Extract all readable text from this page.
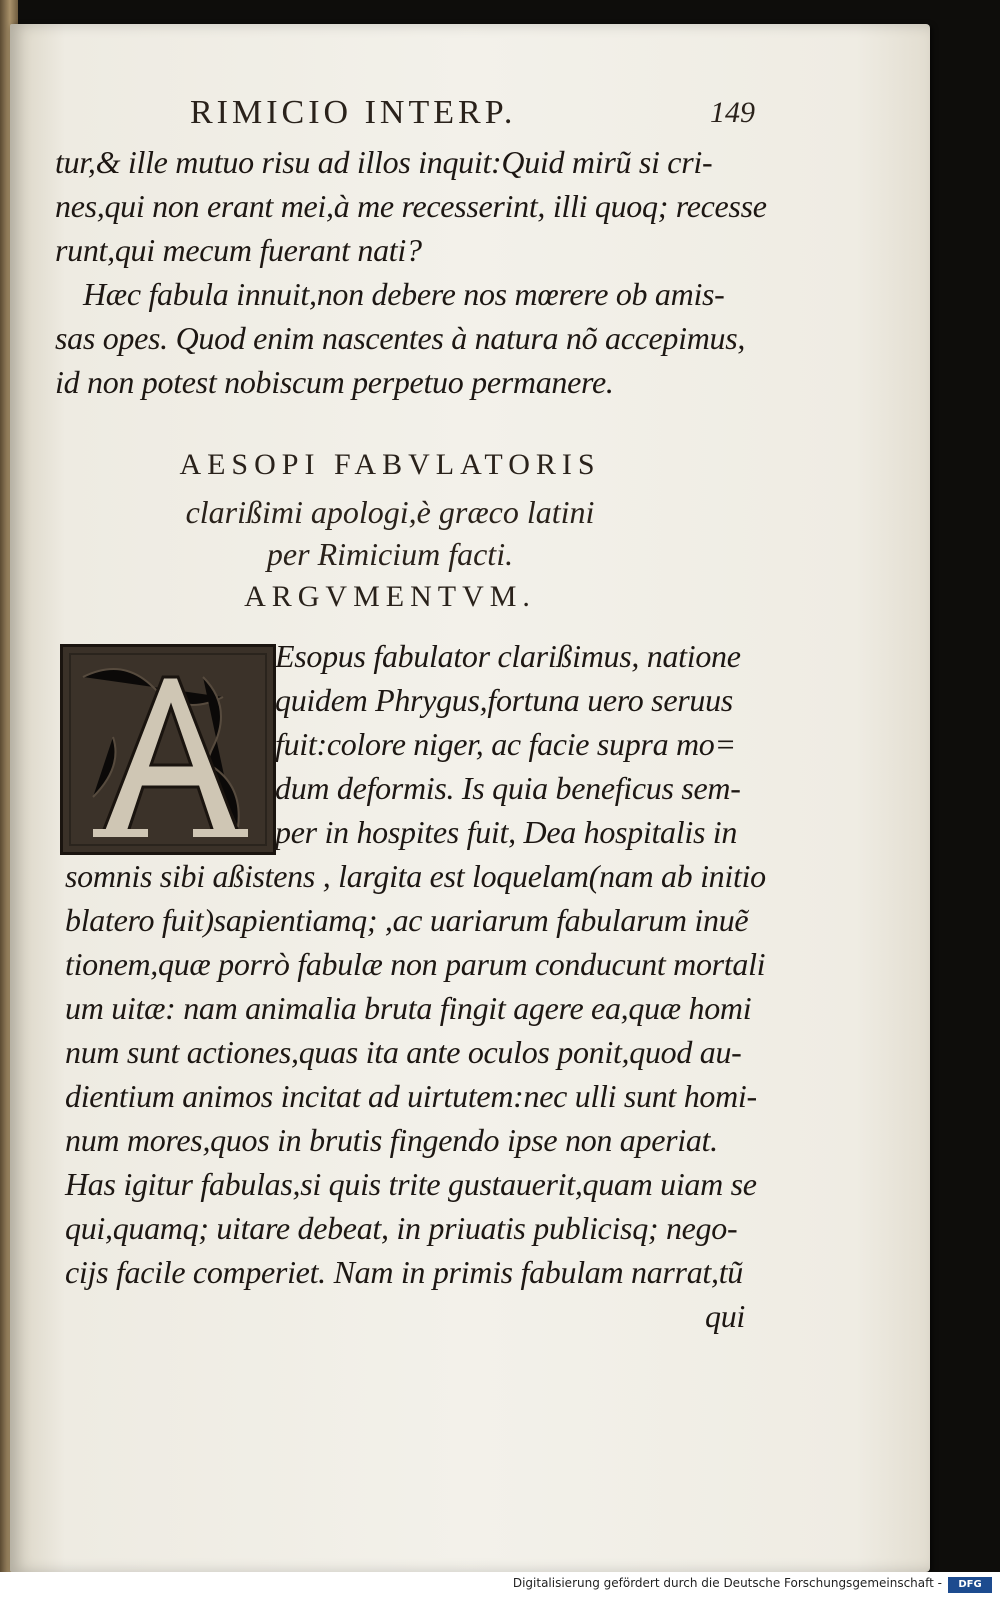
RIMICIO INTERP.	149
tur,& ille mutuo risu ad illos inquit:Quid mirũ si cri-
nes,qui non erant mei,à me recesserint, illi quoq; recesse
runt,qui mecum fuerant nati?
Hæc fabula innuit,non debere nos mœrere ob amis-
sas opes. Quod enim nascentes à natura nõ accepimus,
id non potest nobiscum perpetuo permanere.
AESOPI FABVLATORIS
clarißimi apologi,è græco latini
per Rimicium facti.
ARGVMENTVM.
Esopus fabulator clarißimus, natione
quidem Phrygus,fortuna uero seruus
fuit:colore niger, ac facie supra mo=
dum deformis. Is quia beneficus sem-
per in hospites fuit, Dea hospitalis in
somnis sibi aßistens , largita est loquelam(nam ab initio
blatero fuit)sapientiamq; ,ac uariarum fabularum inuẽ
tionem,quæ porrò fabulæ non parum conducunt mortali
um uitæ: nam animalia bruta fingit agere ea,quæ homi
num sunt actiones,quas ita ante oculos ponit,quod au-
dientium animos incitat ad uirtutem:nec ulli sunt homi-
num mores,quos in brutis fingendo ipse non aperiat.
Has igitur fabulas,si quis trite gustauerit,quam uiam se
qui,quamq; uitare debeat, in priuatis publicisq; nego-
cijs facile comperiet. Nam in primis fabulam narrat,tũ
qui
Digitalisierung gefördert durch die Deutsche Forschungsgemeinschaft -	DFG
